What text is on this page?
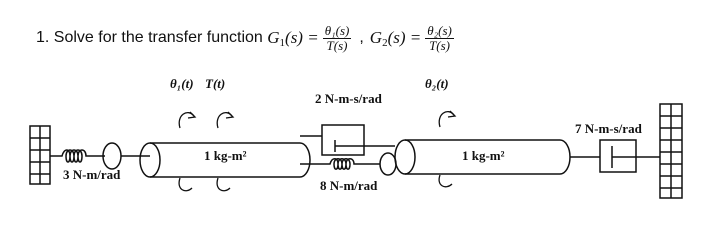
1.
Solve for the transfer function
$G_1(s) = \frac{\text{θ₁(s)}}{T(s)}$ , $G_2(s) = \frac{\text{θ₂(s)}}{T(s)}$
θ₁(t) T(t)	θ₂(t)
2 N-m-s/rad
7 N-m-s/rad
3 N-m/rad
8 N-m/rad
1 kg-m²	1 kg-m²
